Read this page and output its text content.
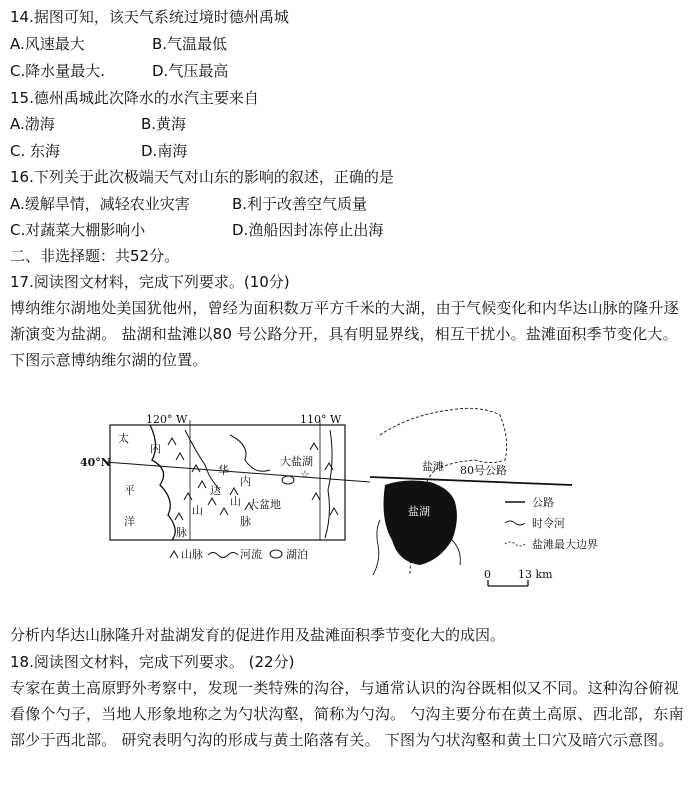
14.据图可知，该天气系统过境时德州禹城
A.风速最大	B.气温最低
C.降水量最大.	D.气压最高
15.德州禹城此次降水的水汽主要来自
A.渤海	B.黄海
C. 东海	D.南海
16.下列关于此次极端天气对山东的影响的叙述，正确的是
A.缓解旱情，减轻农业灾害	B.利于改善空气质量
C.对蔬菜大棚影响小	D.渔船因封冻停止出海
二、非选择题：共52分。
17.阅读图文材料，完成下列要求。(10分)
博纳维尔湖地处美国犹他州，曾经为面积数万平方千米的大湖，由于气候变化和内华达山脉的隆升逐渐演变为盐湖。 盐湖和盐滩以80 号公路分开，具有明显界线，相互干扰小。盐滩面积季节变化大。下图示意博纳维尔湖的位置。
☆
120° W	110° W
40°N
太
平
洋
内
华
达
山
脉
内
山
脉
大盆地
大盐湖
山脉	河流 湖泊
盐滩 80号公路
盐湖
公路
时令河
盐滩最大边界
0 13 km
分析内华达山脉隆升对盐湖发育的促进作用及盐滩面积季节变化大的成因。
18.阅读图文材料，完成下列要求。 (22分)
专家在黄土高原野外考察中，发现一类特殊的沟谷，与通常认识的沟谷既相似又不同。这种沟谷俯视看像个勺子，当地人形象地称之为勺状沟壑，简称为勺沟。 勺沟主要分布在黄土高原、西北部，东南部少于西北部。 研究表明勺沟的形成与黄土陷落有关。 下图为勺状沟壑和黄土口穴及暗穴示意图。
